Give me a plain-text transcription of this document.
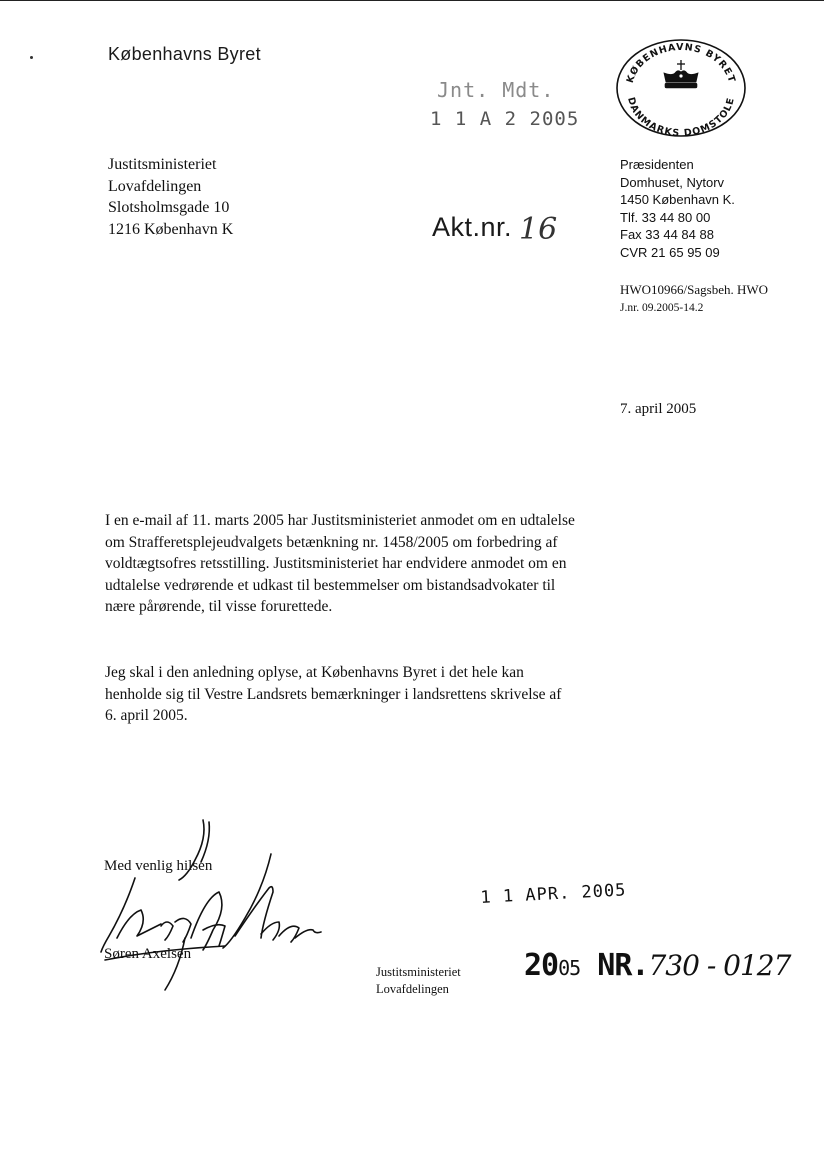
Københavns Byret
Jnt. Mdt.
1 1 A 2 2005
Justitsministeriet
Lovafdelingen
Slotsholmsgade 10
1216 København K	Akt.nr. 16
KØBENHAVNS BYRET
DANMARKS DOMSTOLE
Præsidenten
Domhuset, Nytorv
1450 København K.
Tlf. 33 44 80 00
Fax 33 44 84 88
CVR 21 65 95 09
HWO10966/Sagsbeh. HWO
J.nr. 09.2005-14.2
7. april 2005
I en e-mail af 11. marts 2005 har Justitsministeriet anmodet om en udtalelse
om Strafferetsplejeudvalgets betænkning nr. 1458/2005 om forbedring af
voldtægtsofres retsstilling. Justitsministeriet har endvidere anmodet om en
udtalelse vedrørende et udkast til bestemmelser om bistandsadvokater til
nære pårørende, til visse forurettede.
Jeg skal i den anledning oplyse, at Københavns Byret i det hele kan
henholde sig til Vestre Landsrets bemærkninger i landsrettens skrivelse af
6. april 2005.
Med venlig hilsen
Søren Axelsen
1 1 APR. 2005
Justitsministeriet
Lovafdelingen
2005 NR.730 - 0127
